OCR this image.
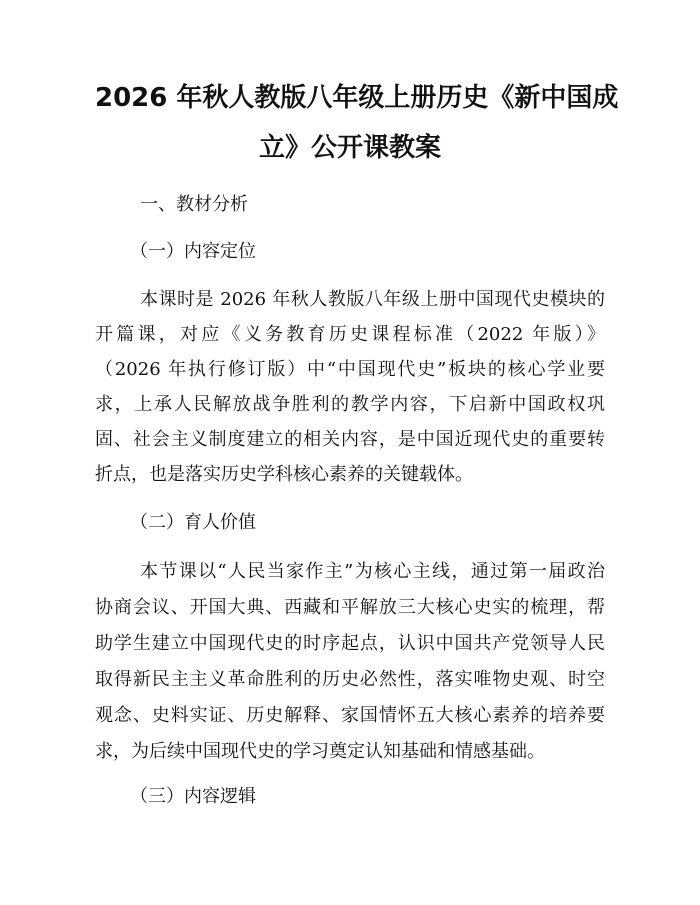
2026 年秋人教版八年级上册历史《新中国成
立》公开课教案

一、教材分析

（一）内容定位

本课时是 2026 年秋人教版八年级上册中国现代史模块的
开篇课，对应《义务教育历史课程标准（2022 年版）》
（2026 年执行修订版）中“中国现代史”板块的核心学业要
求，上承人民解放战争胜利的教学内容，下启新中国政权巩
固、社会主义制度建立的相关内容，是中国近现代史的重要转
折点，也是落实历史学科核心素养的关键载体。

（二）育人价值

本节课以“人民当家作主”为核心主线，通过第一届政治
协商会议、开国大典、西藏和平解放三大核心史实的梳理，帮
助学生建立中国现代史的时序起点，认识中国共产党领导人民
取得新民主主义革命胜利的历史必然性，落实唯物史观、时空
观念、史料实证、历史解释、家国情怀五大核心素养的培养要
求，为后续中国现代史的学习奠定认知基础和情感基础。

（三）内容逻辑
